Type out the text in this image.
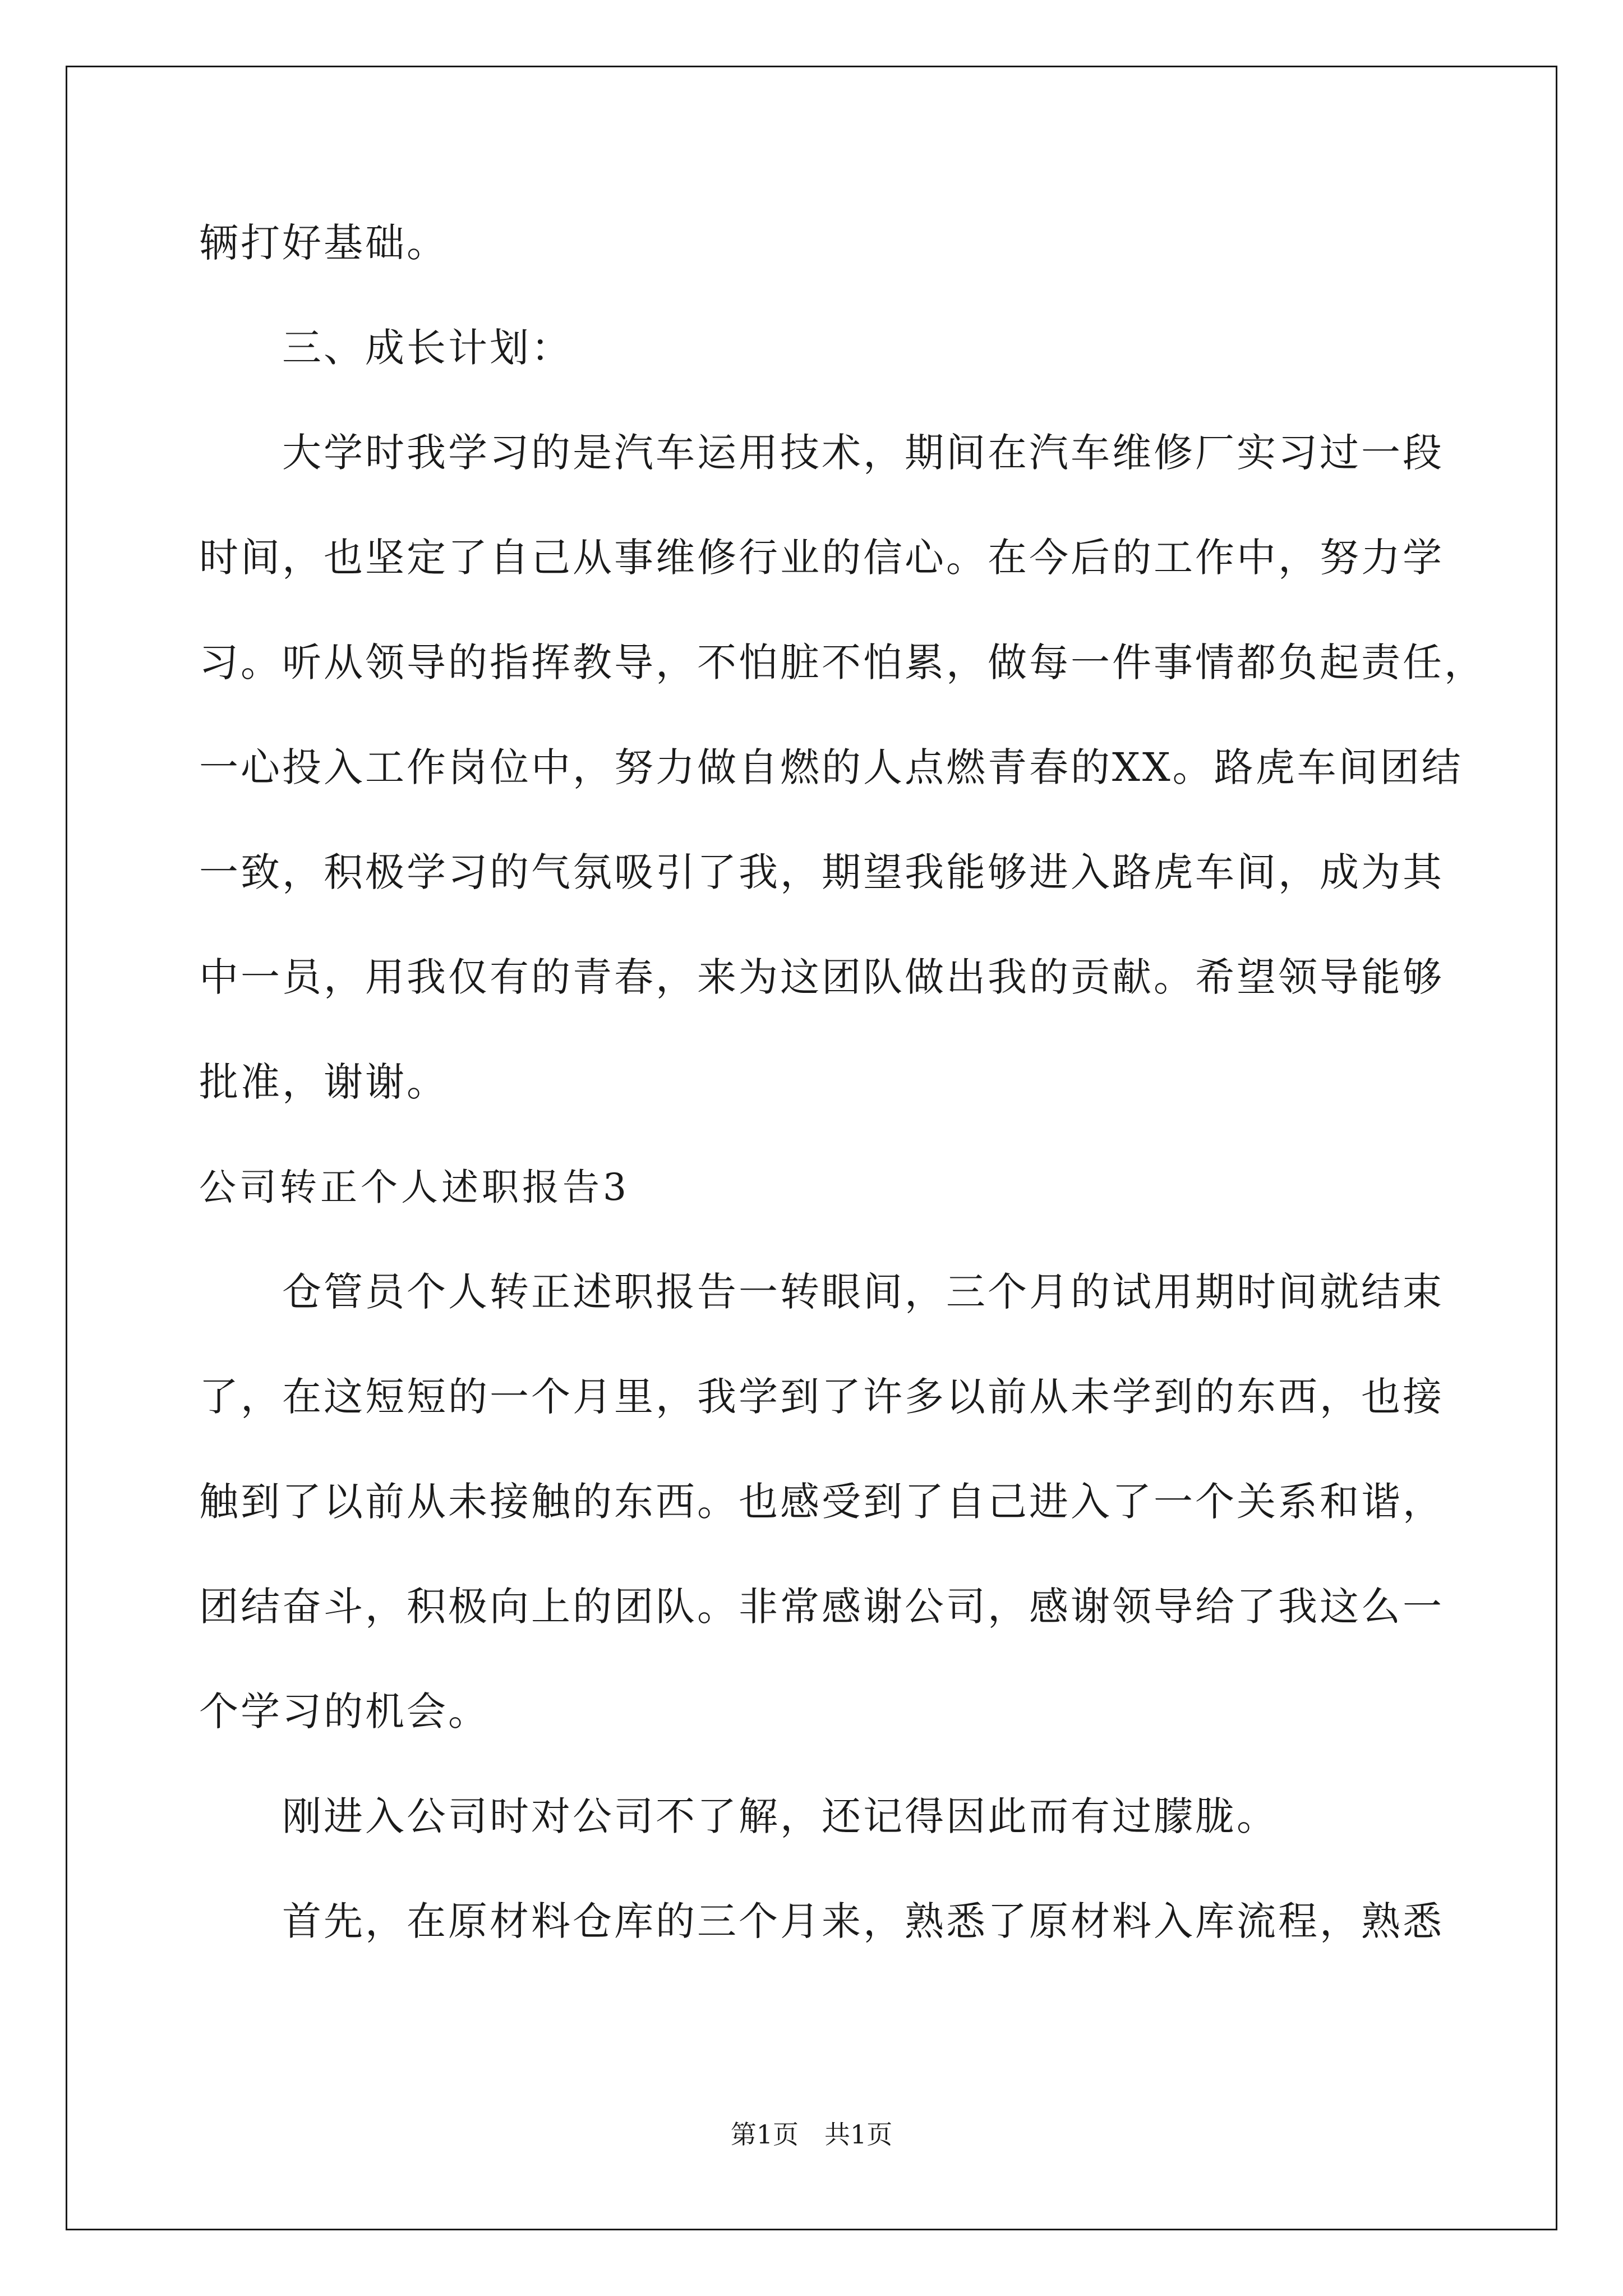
辆打好基础。
三、成长计划：
大学时我学习的是汽车运用技术，期间在汽车维修厂实习过一段
时间，也坚定了自己从事维修行业的信心。在今后的工作中，努力学
习。听从领导的指挥教导，不怕脏不怕累，做每一件事情都负起责任，
一心投入工作岗位中，努力做自燃的人点燃青春的XX。路虎车间团结
一致，积极学习的气氛吸引了我，期望我能够进入路虎车间，成为其
中一员，用我仅有的青春，来为这团队做出我的贡献。希望领导能够
批准，谢谢。
公司转正个人述职报告3
仓管员个人转正述职报告一转眼间，三个月的试用期时间就结束
了，在这短短的一个月里，我学到了许多以前从未学到的东西，也接
触到了以前从未接触的东西。也感受到了自己进入了一个关系和谐，
团结奋斗，积极向上的团队。非常感谢公司，感谢领导给了我这么一
个学习的机会。
刚进入公司时对公司不了解，还记得因此而有过朦胧。
首先，在原材料仓库的三个月来，熟悉了原材料入库流程，熟悉
第1页　共1页
